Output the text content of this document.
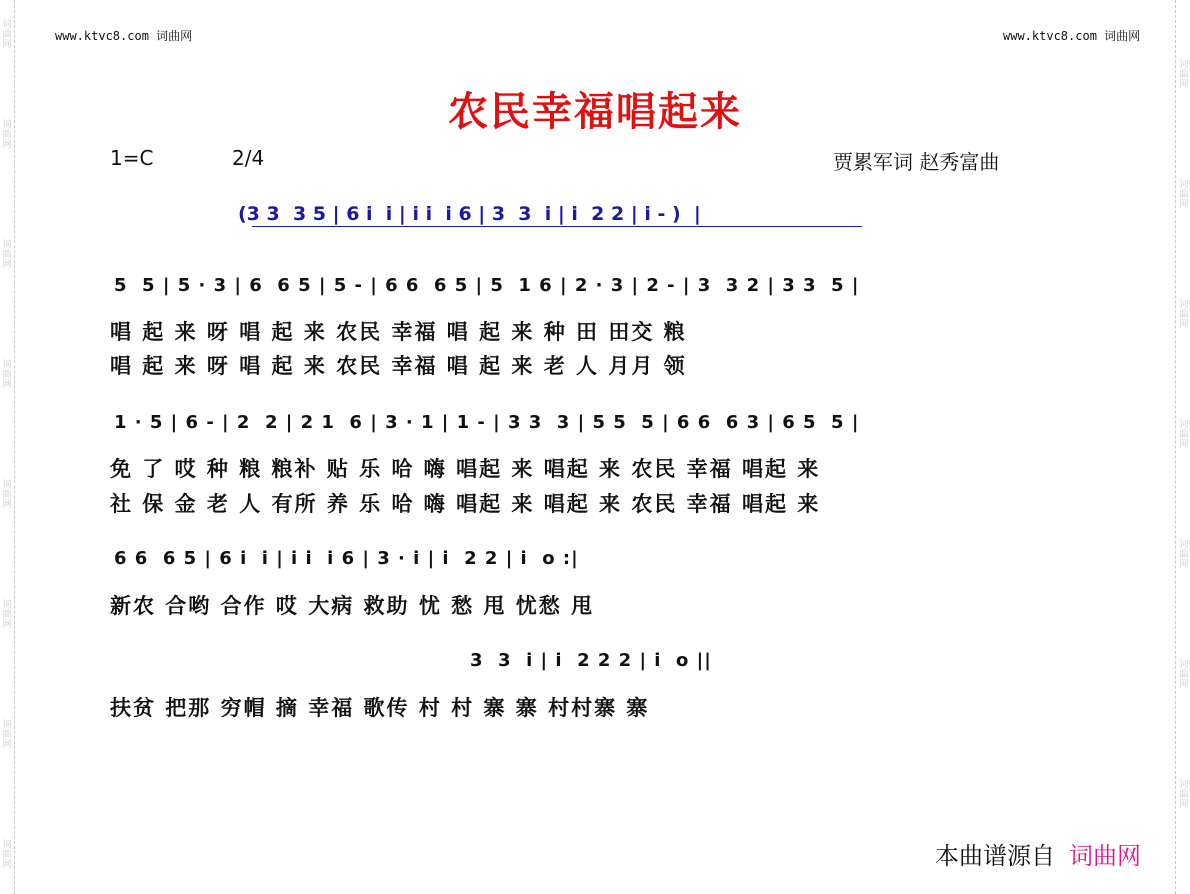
词曲网
词曲网
词曲网
词曲网
词曲网
词曲网
词曲网
词曲网
词曲网
词曲网
词曲网
词曲网
词曲网
词曲网
词曲网
www.ktvc8.com 词曲网	www.ktvc8.com 词曲网
农民幸福唱起来
1=C	2/4	贾累军词 赵秀富曲
(3 3  3 5 | 6 i  i | i i  i 6 | 3  3  i | i  2 2 | i - )  |
5  5 | 5 · 3 | 6  6 5 | 5 - | 6 6  6 5 | 5  1 6 | 2 · 3 | 2 - | 3  3 2 | 3 3  5 |
唱 起 来 呀 唱 起 来 农民 幸福 唱 起 来 种 田 田交 粮
唱 起 来 呀 唱 起 来 农民 幸福 唱 起 来 老 人 月月 领
1 · 5 | 6 - | 2  2 | 2 1  6 | 3 · 1 | 1 - | 3 3  3 | 5 5  5 | 6 6  6 3 | 6 5  5 |
免 了 哎 种 粮 粮补 贴 乐 哈 嗨 唱起 来 唱起 来 农民 幸福 唱起 来
社 保 金 老 人 有所 养 乐 哈 嗨 唱起 来 唱起 来 农民 幸福 唱起 来
6 6  6 5 | 6 i  i | i i  i 6 | 3 · i | i  2 2 | i  o :|
新农 合哟 合作 哎 大病 救助 忧 愁 甩 忧愁 甩
3  3  i | i  2 2 2 | i  o ||
扶贫 把那 穷帽 摘 幸福 歌传 村 村 寨 寨 村村寨 寨
本曲谱源自 词曲网
